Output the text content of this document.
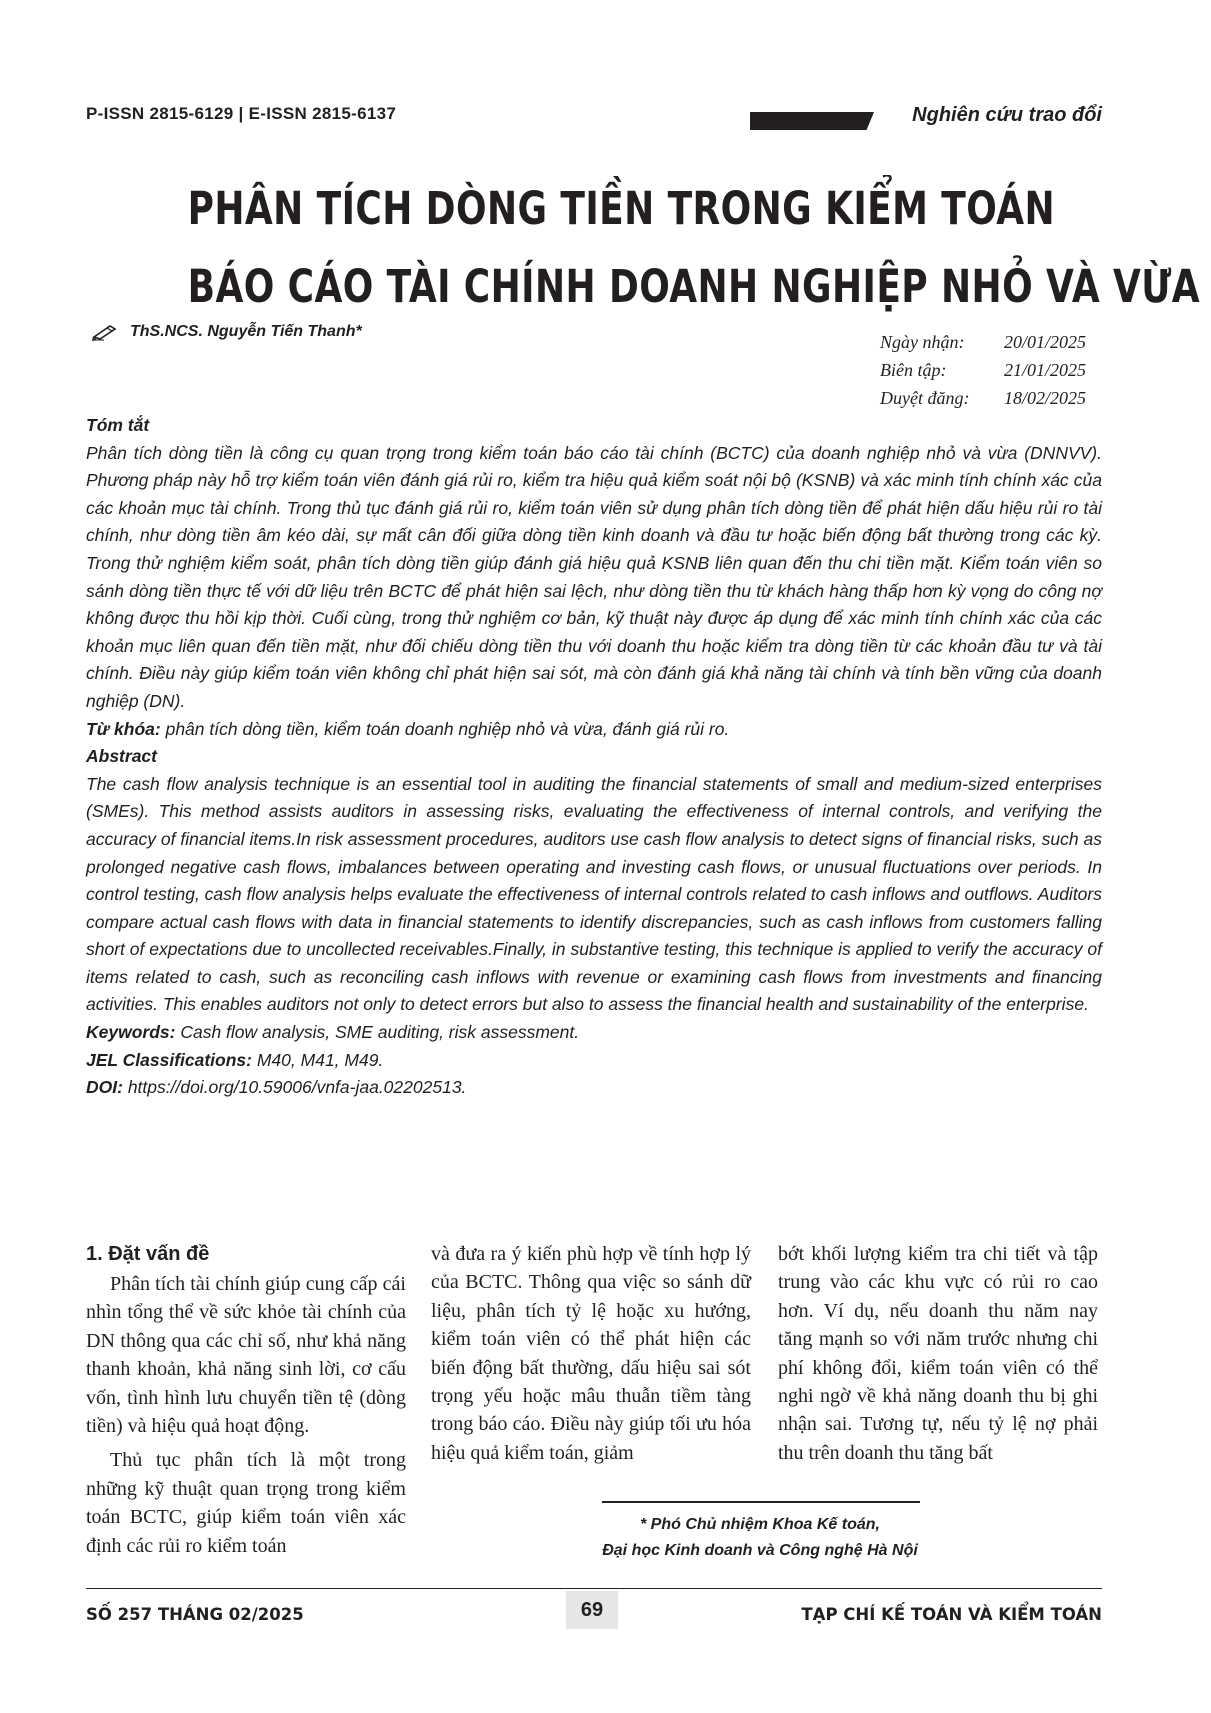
P-ISSN 2815-6129 | E-ISSN 2815-6137	Nghiên cứu trao đổi
PHÂN TÍCH DÒNG TIỀN TRONG KIỂM TOÁN
BÁO CÁO TÀI CHÍNH DOANH NGHIỆP NHỎ VÀ VỪA
ThS.NCS. Nguyễn Tiến Thanh*
Ngày nhận:	20/01/2025
Biên tập:	21/01/2025
Duyệt đăng:	18/02/2025

Tóm tắt

Phân tích dòng tiền là công cụ quan trọng trong kiểm toán báo cáo tài chính (BCTC) của doanh nghiệp nhỏ và vừa (DNNVV). Phương pháp này hỗ trợ kiểm toán viên đánh giá rủi ro, kiểm tra hiệu quả kiểm soát nội bộ (KSNB) và xác minh tính chính xác của các khoản mục tài chính. Trong thủ tục đánh giá rủi ro, kiểm toán viên sử dụng phân tích dòng tiền để phát hiện dấu hiệu rủi ro tài chính, như dòng tiền âm kéo dài, sự mất cân đối giữa dòng tiền kinh doanh và đầu tư hoặc biến động bất thường trong các kỳ. Trong thử nghiệm kiểm soát, phân tích dòng tiền giúp đánh giá hiệu quả KSNB liên quan đến thu chi tiền mặt. Kiểm toán viên so sánh dòng tiền thực tế với dữ liệu trên BCTC để phát hiện sai lệch, như dòng tiền thu từ khách hàng thấp hơn kỳ vọng do công nợ không được thu hồi kịp thời. Cuối cùng, trong thử nghiệm cơ bản, kỹ thuật này được áp dụng để xác minh tính chính xác của các khoản mục liên quan đến tiền mặt, như đối chiếu dòng tiền thu với doanh thu hoặc kiểm tra dòng tiền từ các khoản đầu tư và tài chính. Điều này giúp kiểm toán viên không chỉ phát hiện sai sót, mà còn đánh giá khả năng tài chính và tính bền vững của doanh nghiệp (DN).

Từ khóa: phân tích dòng tiền, kiểm toán doanh nghiệp nhỏ và vừa, đánh giá rủi ro.

Abstract

The cash flow analysis technique is an essential tool in auditing the financial statements of small and medium-sized enterprises (SMEs). This method assists auditors in assessing risks, evaluating the effectiveness of internal controls, and verifying the accuracy of financial items.In risk assessment procedures, auditors use cash flow analysis to detect signs of financial risks, such as prolonged negative cash flows, imbalances between operating and investing cash flows, or unusual fluctuations over periods. In control testing, cash flow analysis helps evaluate the effectiveness of internal controls related to cash inflows and outflows. Auditors compare actual cash flows with data in financial statements to identify discrepancies, such as cash inflows from customers falling short of expectations due to uncollected receivables.Finally, in substantive testing, this technique is applied to verify the accuracy of items related to cash, such as reconciling cash inflows with revenue or examining cash flows from investments and financing activities. This enables auditors not only to detect errors but also to assess the financial health and sustainability of the enterprise.

Keywords: Cash flow analysis, SME auditing, risk assessment.

JEL Classifications: M40, M41, M49.

DOI: https://doi.org/10.59006/vnfa-jaa.02202513.

1. Đặt vấn đề

Phân tích tài chính giúp cung cấp cái nhìn tổng thể về sức khỏe tài chính của DN thông qua các chỉ số, như khả năng thanh khoản, khả năng sinh lời, cơ cấu vốn, tình hình lưu chuyển tiền tệ (dòng tiền) và hiệu quả hoạt động.

Thủ tục phân tích là một trong những kỹ thuật quan trọng trong kiểm toán BCTC, giúp kiểm toán viên xác định các rủi ro kiểm toán

và đưa ra ý kiến phù hợp về tính hợp lý của BCTC. Thông qua việc so sánh dữ liệu, phân tích tỷ lệ hoặc xu hướng, kiểm toán viên có thể phát hiện các biến động bất thường, dấu hiệu sai sót trọng yếu hoặc mâu thuẫn tiềm tàng trong báo cáo. Điều này giúp tối ưu hóa hiệu quả kiểm toán, giảm

bớt khối lượng kiểm tra chi tiết và tập trung vào các khu vực có rủi ro cao hơn. Ví dụ, nếu doanh thu năm nay tăng mạnh so với năm trước nhưng chi phí không đổi, kiểm toán viên có thể nghi ngờ về khả năng doanh thu bị ghi nhận sai. Tương tự, nếu tỷ lệ nợ phải thu trên doanh thu tăng bất

* Phó Chủ nhiệm Khoa Kế toán,
Đại học Kinh doanh và Công nghệ Hà Nội
SỐ 257 THÁNG 02/2025	69	TẠP CHÍ KẾ TOÁN VÀ KIỂM TOÁN
